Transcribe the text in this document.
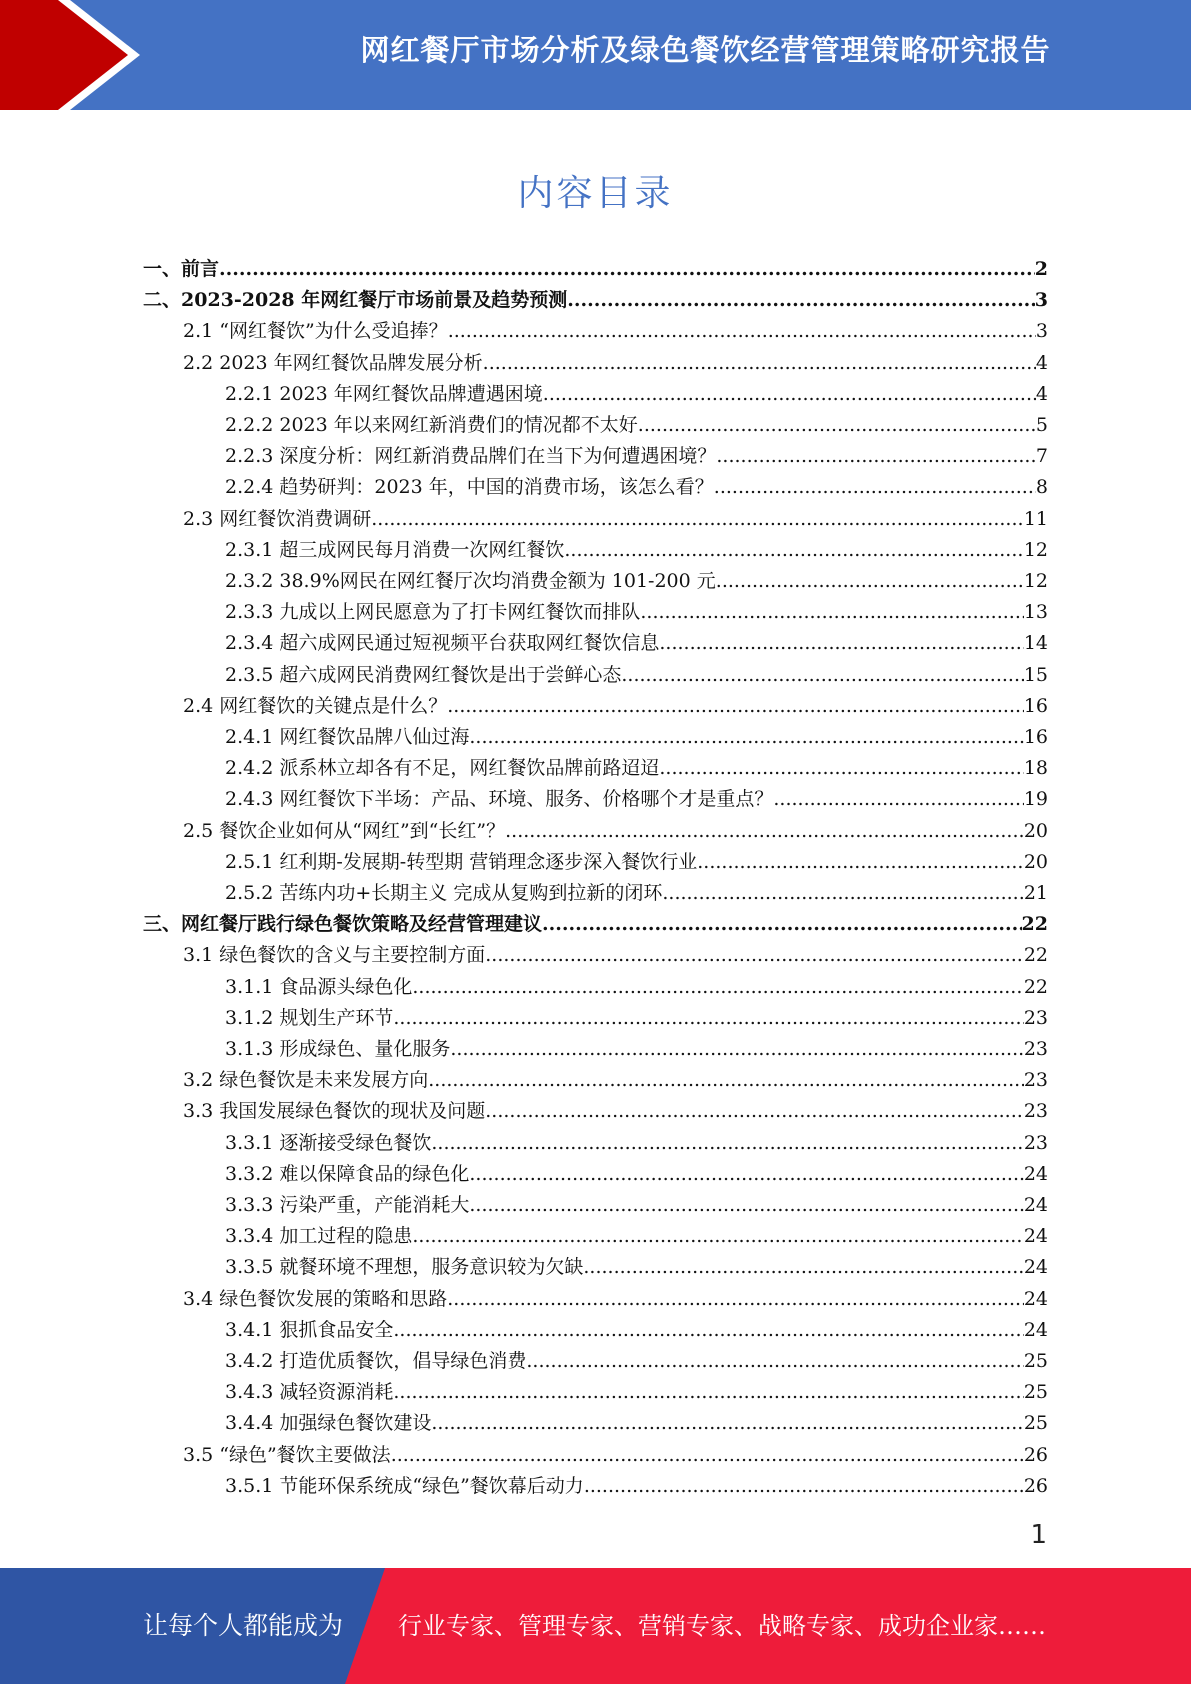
网红餐厅市场分析及绿色餐饮经营管理策略研究报告
内容目录
一、前言 .....	2
二、2023-2028 年网红餐厅市场前景及趋势预测 .....	3
2.1 “网红餐饮”为什么受追捧？ .....	3
2.2 2023 年网红餐饮品牌发展分析 .....	4
2.2.1 2023 年网红餐饮品牌遭遇困境 .....	4
2.2.2 2023 年以来网红新消费们的情况都不太好 .....	5
2.2.3 深度分析：网红新消费品牌们在当下为何遭遇困境？ .....	7
2.2.4 趋势研判：2023 年，中国的消费市场，该怎么看？ .....	8
2.3 网红餐饮消费调研 .....	11
2.3.1 超三成网民每月消费一次网红餐饮 .....	12
2.3.2 38.9%网民在网红餐厅次均消费金额为 101-200 元 .....	12
2.3.3 九成以上网民愿意为了打卡网红餐饮而排队 .....	13
2.3.4 超六成网民通过短视频平台获取网红餐饮信息 .....	14
2.3.5 超六成网民消费网红餐饮是出于尝鲜心态 .....	15
2.4 网红餐饮的关键点是什么？ .....	16
2.4.1 网红餐饮品牌八仙过海 .....	16
2.4.2 派系林立却各有不足，网红餐饮品牌前路迢迢 .....	18
2.4.3 网红餐饮下半场：产品、环境、服务、价格哪个才是重点？ .....	19
2.5 餐饮企业如何从“网红”到“长红”？ .....	20
2.5.1 红利期-发展期-转型期 营销理念逐步深入餐饮行业 .....	20
2.5.2 苦练内功+长期主义 完成从复购到拉新的闭环 .....	21
三、网红餐厅践行绿色餐饮策略及经营管理建议 .....	22
3.1 绿色餐饮的含义与主要控制方面 .....	22
3.1.1 食品源头绿色化 .....	22
3.1.2 规划生产环节 .....	23
3.1.3 形成绿色、量化服务 .....	23
3.2 绿色餐饮是未来发展方向 .....	23
3.3 我国发展绿色餐饮的现状及问题 .....	23
3.3.1 逐渐接受绿色餐饮 .....	23
3.3.2 难以保障食品的绿色化 .....	24
3.3.3 污染严重，产能消耗大 .....	24
3.3.4 加工过程的隐患 .....	24
3.3.5 就餐环境不理想，服务意识较为欠缺 .....	24
3.4 绿色餐饮发展的策略和思路 .....	24
3.4.1 狠抓食品安全 .....	24
3.4.2 打造优质餐饮，倡导绿色消费 .....	25
3.4.3 减轻资源消耗 .....	25
3.4.4 加强绿色餐饮建设 .....	25
3.5 “绿色”餐饮主要做法 .....	26
3.5.1 节能环保系统成“绿色”餐饮幕后动力 .....	26
1
让每个人都能成为 行业专家、管理专家、营销专家、战略专家、成功企业家……
